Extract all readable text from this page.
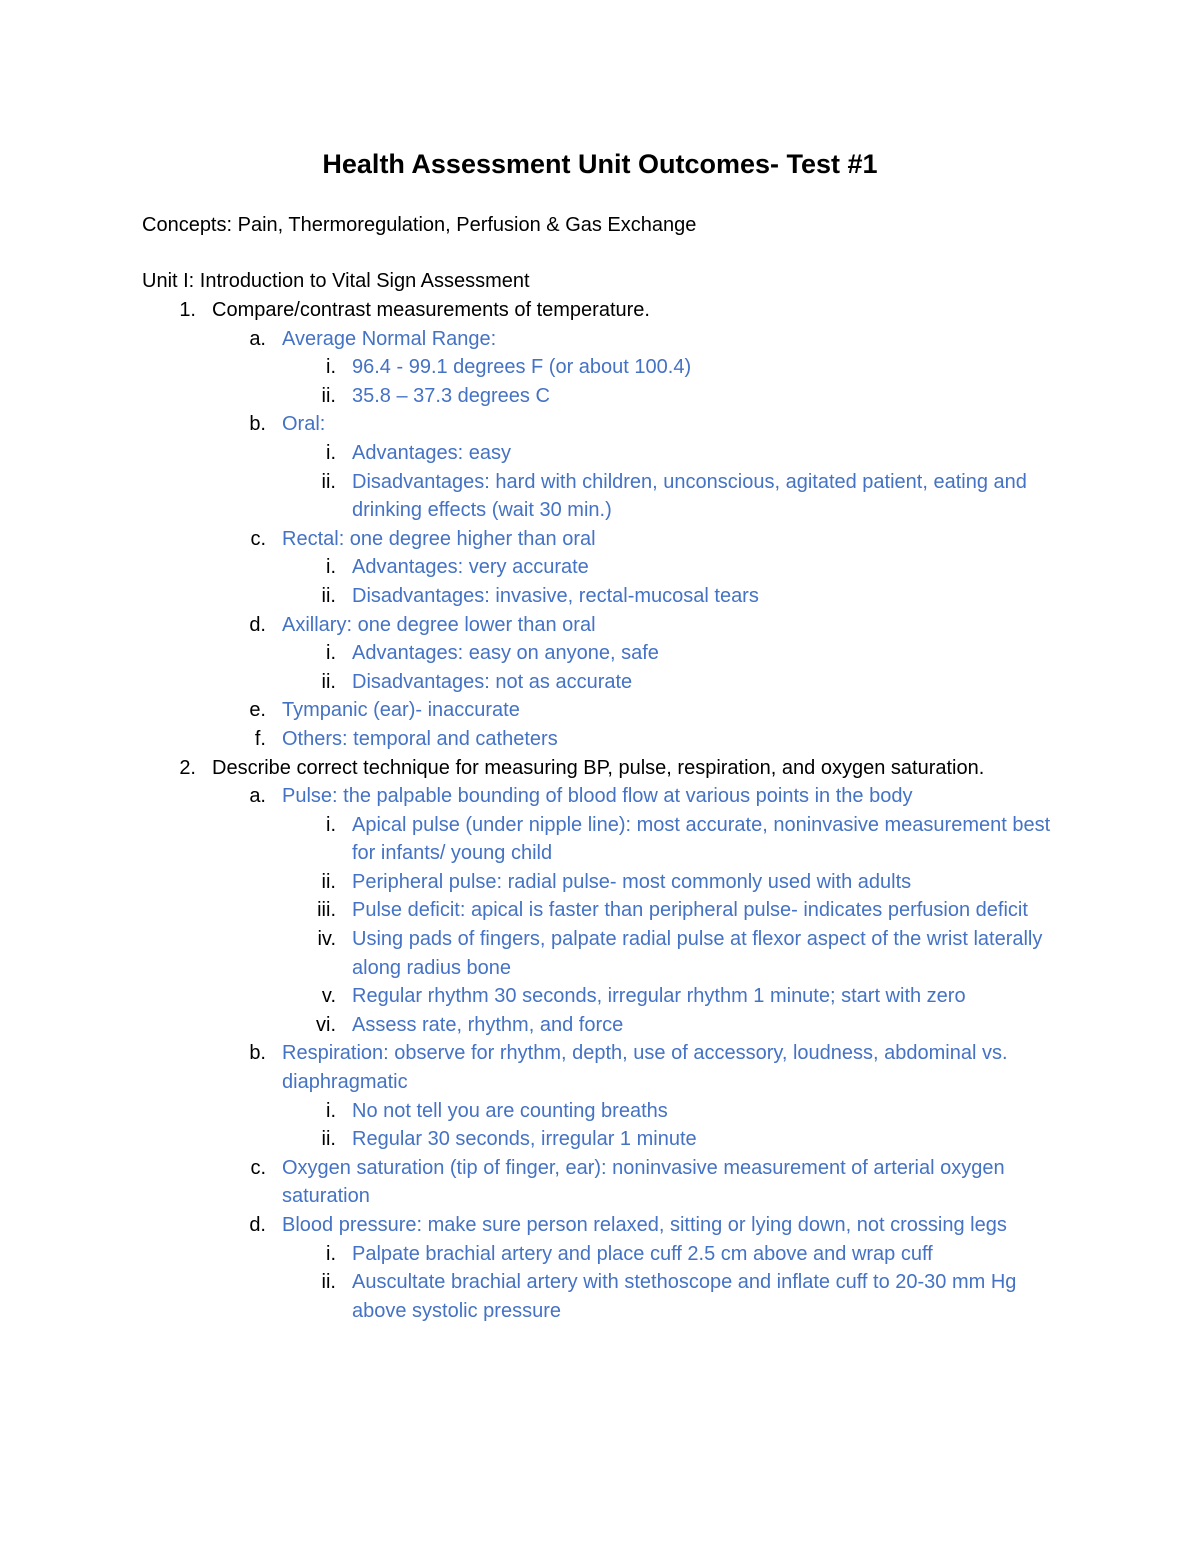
Health Assessment Unit Outcomes- Test #1
Concepts: Pain, Thermoregulation, Perfusion & Gas Exchange
Unit I: Introduction to Vital Sign Assessment
1. Compare/contrast measurements of temperature.
a. Average Normal Range:
i. 96.4 - 99.1 degrees F (or about 100.4)
ii. 35.8 – 37.3 degrees C
b. Oral:
i. Advantages: easy
ii. Disadvantages: hard with children, unconscious, agitated patient, eating and drinking effects (wait 30 min.)
c. Rectal: one degree higher than oral
i. Advantages: very accurate
ii. Disadvantages: invasive, rectal-mucosal tears
d. Axillary: one degree lower than oral
i. Advantages: easy on anyone, safe
ii. Disadvantages: not as accurate
e. Tympanic (ear)- inaccurate
f. Others: temporal and catheters
2. Describe correct technique for measuring BP, pulse, respiration, and oxygen saturation.
a. Pulse: the palpable bounding of blood flow at various points in the body
i. Apical pulse (under nipple line): most accurate, noninvasive measurement best for infants/ young child
ii. Peripheral pulse: radial pulse- most commonly used with adults
iii. Pulse deficit: apical is faster than peripheral pulse- indicates perfusion deficit
iv. Using pads of fingers, palpate radial pulse at flexor aspect of the wrist laterally along radius bone
v. Regular rhythm 30 seconds, irregular rhythm 1 minute; start with zero
vi. Assess rate, rhythm, and force
b. Respiration: observe for rhythm, depth, use of accessory, loudness, abdominal vs. diaphragmatic
i. No not tell you are counting breaths
ii. Regular 30 seconds, irregular 1 minute
c. Oxygen saturation (tip of finger, ear): noninvasive measurement of arterial oxygen saturation
d. Blood pressure: make sure person relaxed, sitting or lying down, not crossing legs
i. Palpate brachial artery and place cuff 2.5 cm above and wrap cuff
ii. Auscultate brachial artery with stethoscope and inflate cuff to 20-30 mm Hg above systolic pressure
